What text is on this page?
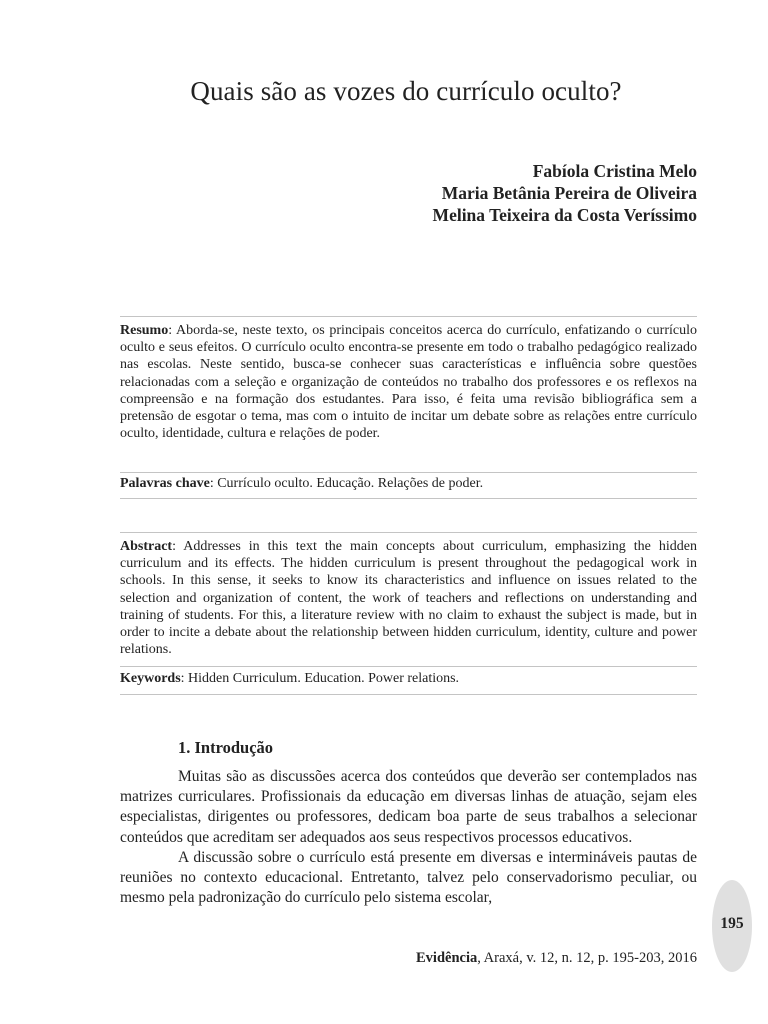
Quais são as vozes do currículo oculto?
Fabíola Cristina Melo
Maria Betânia Pereira de Oliveira
Melina Teixeira da Costa Veríssimo

Resumo: Aborda-se, neste texto, os principais conceitos acerca do currículo, enfatizando o currículo oculto e seus efeitos. O currículo oculto encontra-se presente em todo o trabalho pedagógico realizado nas escolas. Neste sentido, busca-se conhecer suas características e influência sobre questões relacionadas com a seleção e organização de conteúdos no trabalho dos professores e os reflexos na compreensão e na formação dos estudantes. Para isso, é feita uma revisão bibliográfica sem a pretensão de esgotar o tema, mas com o intuito de incitar um debate sobre as relações entre currículo oculto, identidade, cultura e relações de poder.

Palavras chave: Currículo oculto. Educação. Relações de poder.

Abstract: Addresses in this text the main concepts about curriculum, emphasizing the hidden curriculum and its effects. The hidden curriculum is present throughout the pedagogical work in schools. In this sense, it seeks to know its characteristics and influence on issues related to the selection and organization of content, the work of teachers and reflections on understanding and training of students. For this, a literature review with no claim to exhaust the subject is made, but in order to incite a debate about the relationship between hidden curriculum, identity, culture and power relations.

Keywords: Hidden Curriculum. Education. Power relations.
1. Introdução

Muitas são as discussões acerca dos conteúdos que deverão ser contemplados nas matrizes curriculares. Profissionais da educação em diversas linhas de atuação, sejam eles especialistas, dirigentes ou professores, dedicam boa parte de seus trabalhos a selecionar conteúdos que acreditam ser adequados aos seus respectivos processos educativos.

A discussão sobre o currículo está presente em diversas e intermináveis pautas de reuniões no contexto educacional. Entretanto, talvez pelo conservadorismo peculiar, ou mesmo pela padronização do currículo pelo sistema escolar,

195
Evidência, Araxá, v. 12, n. 12, p. 195-203, 2016
